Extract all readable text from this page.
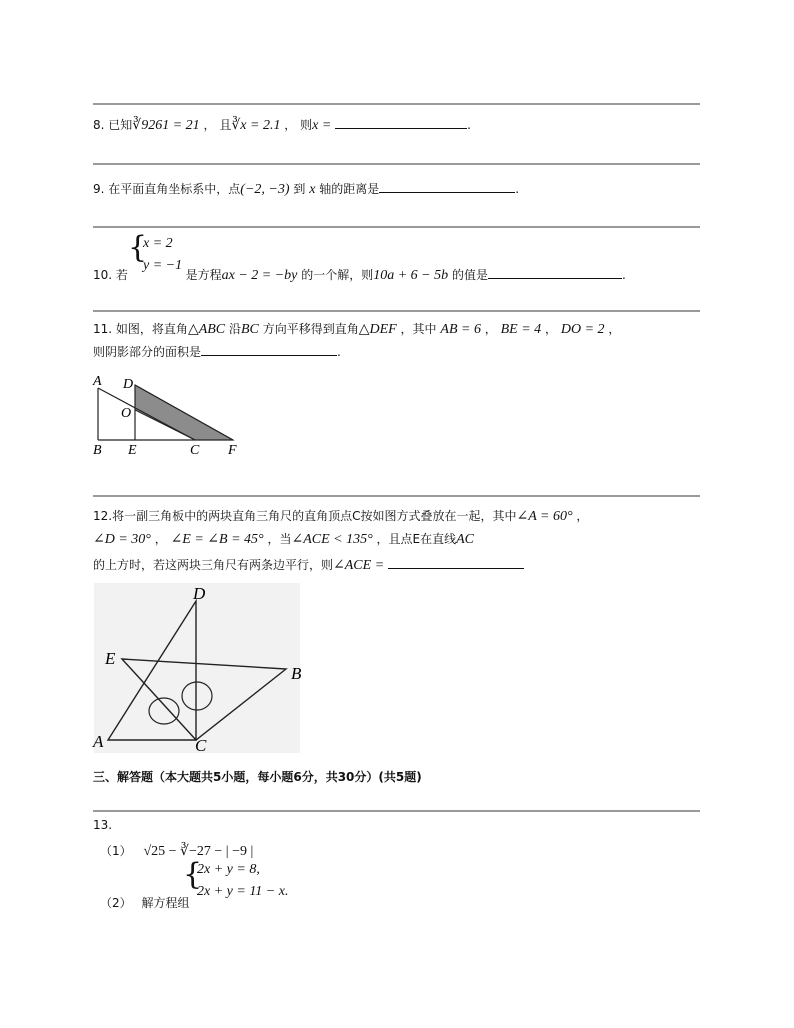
8. 已知∛9261 = 21 ， 且∛x = 2.1 ， 则x =	.
9. 在平面直角坐标系中，点(−2, −3) 到 x 轴的距离是	.
{
x = 2
y = −1
10. 若	是方程ax − 2 = −by 的一个解，则10a + 6 − 5b 的值是	.
11. 如图，将直角△ABC 沿BC 方向平移得到直角△DEF ，其中 AB = 6 ， BE = 4 ， DO = 2 ，
则阴影部分的面积是	.
A D
O
B E	C F
12.将一副三角板中的两块直角三角尺的直角顶点C按如图方式叠放在一起，其中∠A = 60° ，
∠D = 30° ， ∠E = ∠B = 45° ，当∠ACE < 135° ，且点E在直线AC
的上方时，若这两块三角尺有两条边平行，则∠ACE =
D
E
B
A	C
三、解答题（本大题共5小题，每小题6分，共30分）(共5题)
13.
（1） √25 − ∛−27 − | −9 |
{
2x + y = 8,
2x + y = 11 − x.
（2） 解方程组
